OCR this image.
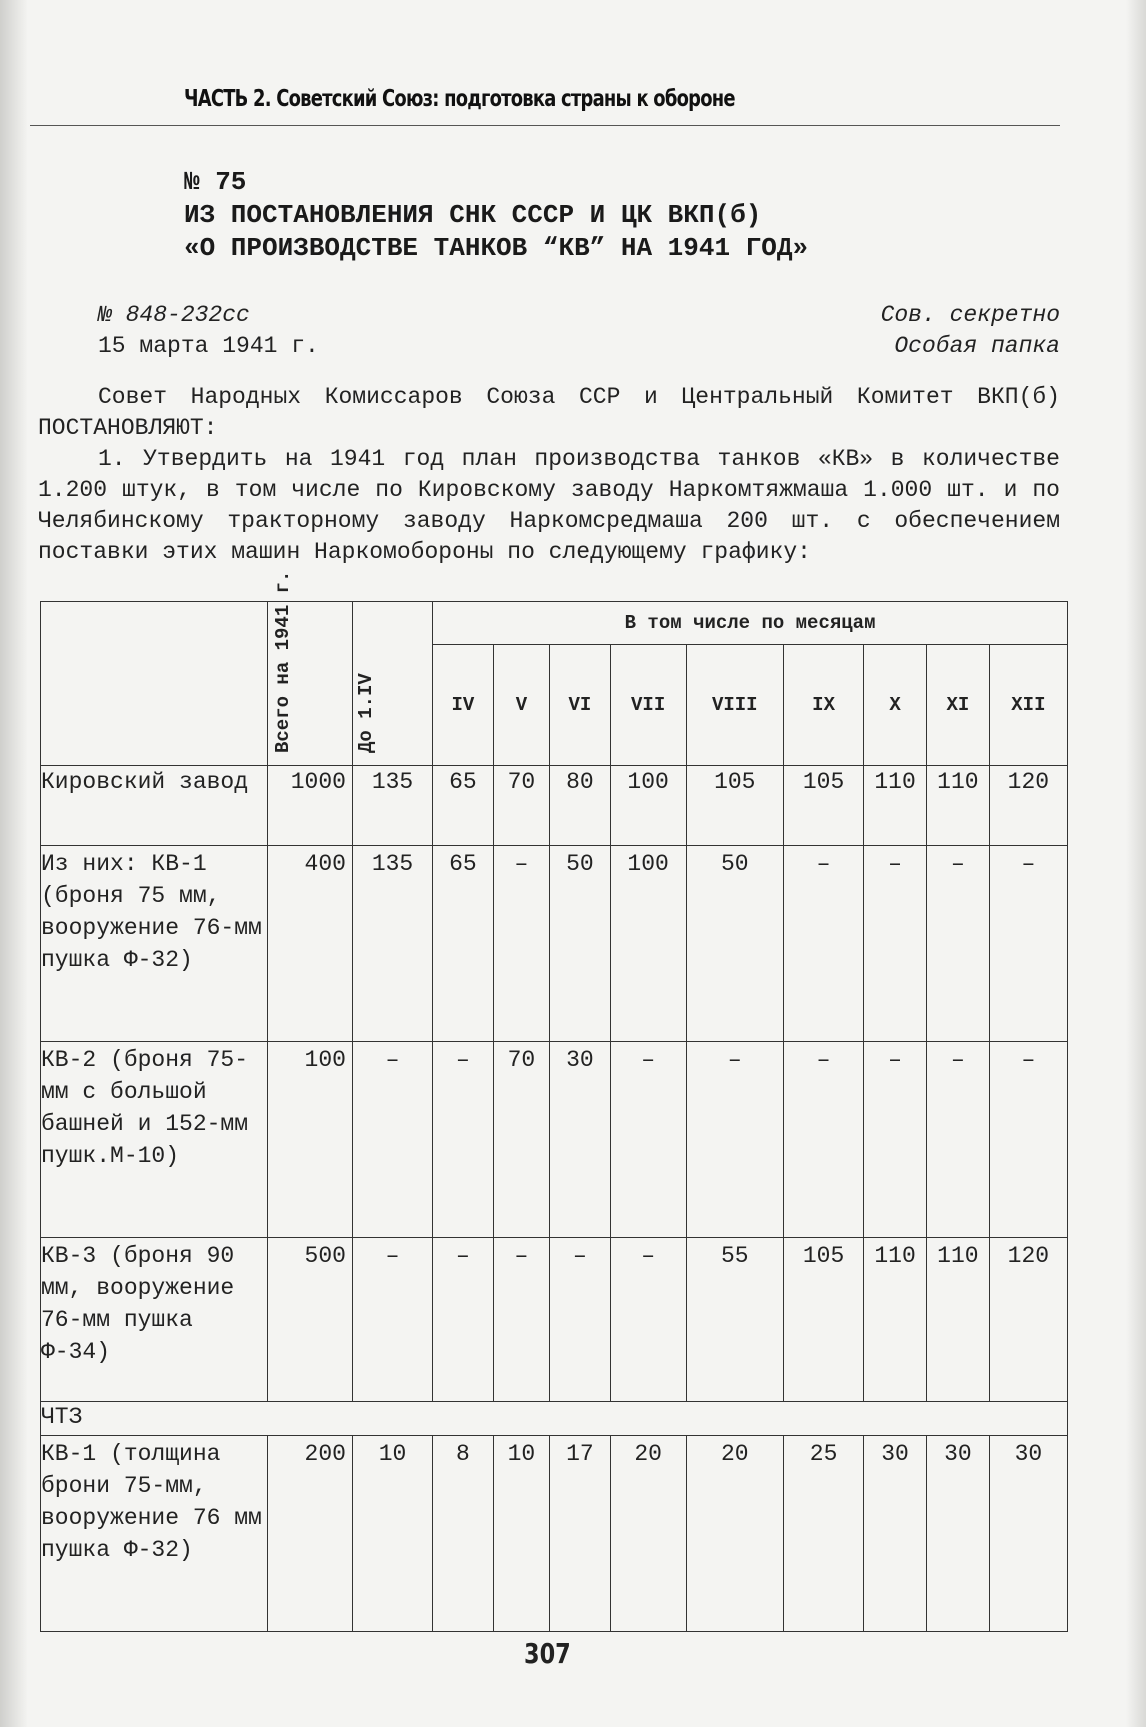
ЧАСТЬ 2. Советский Союз: подготовка страны к обороне
№ 75
ИЗ ПОСТАНОВЛЕНИЯ СНК СССР И ЦК ВКП(б)
«О ПРОИЗВОДСТВЕ ТАНКОВ “КВ” НА 1941 ГОД»
№ 848-232сс
15 марта 1941 г.
Сов. секретно
Особая папка

Совет Народных Комиссаров Союза ССР и Центральный Комитет ВКП(б) ПОСТАНОВЛЯЮТ:

1. Утвердить на 1941 год план производства танков «КВ» в количестве 1.200 штук, в том числе по Кировскому заводу Наркомтяжмаша 1.000 шт. и по Челябинскому тракторному заводу Наркомсредмаша 200 шт. с обеспечением поставки этих машин Наркомобороны по следующему графику:

	Всего на 1941 г.	До 1.IV	В том числе по месяцам								
			IV	V	VI	VII	VIII	IX	X	XI	XII
Кировский завод	1000	135	65	70	80	100	105	105	110	110	120
Из них: КВ-1 (броня 75 мм, вооружение 76-мм пушка Ф-32)	400	135	65	–	50	100	50	–	–	–	–
КВ-2 (броня 75-мм с большой башней и 152-мм пушк.М-10)	100	–	–	70	30	–	–	–	–	–	–
КВ-3 (броня 90 мм, вооружение 76-мм пушка Ф-34)	500	–	–	–	–	–	55	105	110	110	120
ЧТЗ											
КВ-1 (толщина брони 75-мм, вооружение 76 мм пушка Ф-32)	200	10	8	10	17	20	20	25	30	30	30
307
